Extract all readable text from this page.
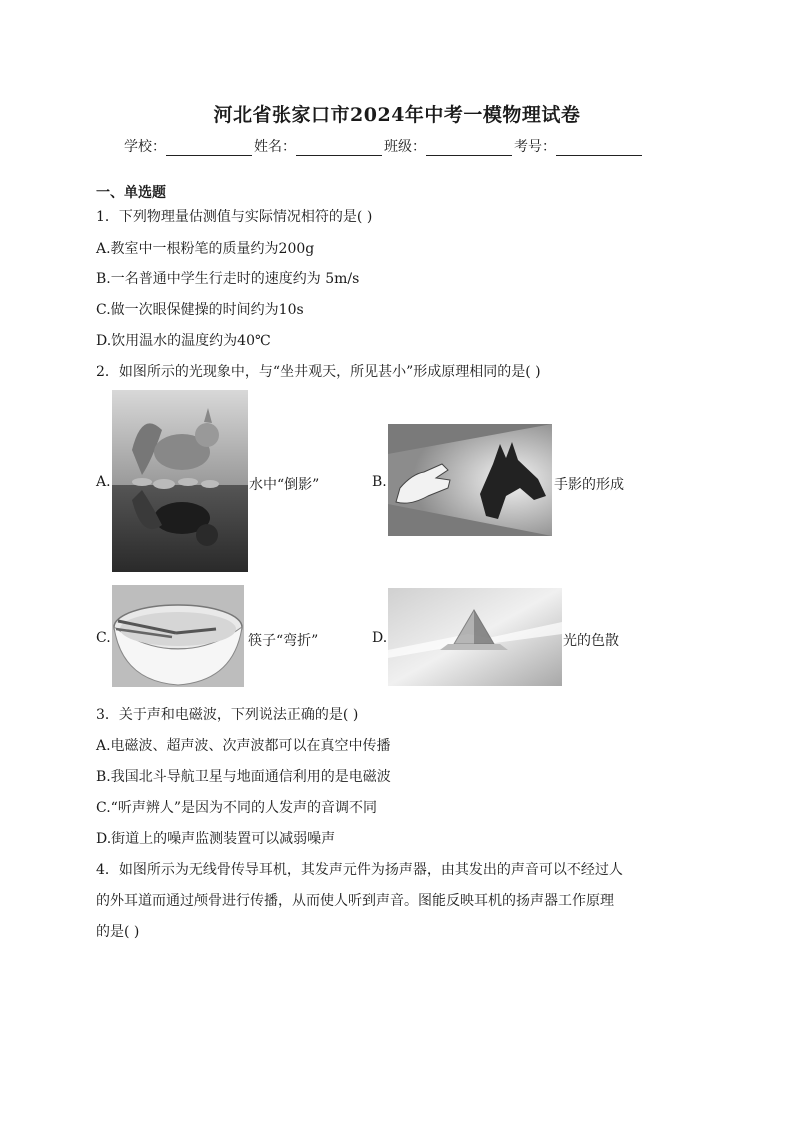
河北省张家口市2024年中考一模物理试卷
学校：	姓名：	班级：	考号：
一、单选题
1．下列物理量估测值与实际情况相符的是( )
A.教室中一根粉笔的质量约为200g
B.一名普通中学生行走时的速度约为 5m/s
C.做一次眼保健操的时间约为10s
D.饮用温水的温度约为40℃
2．如图所示的光现象中，与“坐井观天，所见甚小”形成原理相同的是( )
A.	水中“倒影”	B.	手影的形成
C.	筷子“弯折”	D.	光的色散
3．关于声和电磁波，下列说法正确的是( )
A.电磁波、超声波、次声波都可以在真空中传播
B.我国北斗导航卫星与地面通信利用的是电磁波
C.“听声辨人”是因为不同的人发声的音调不同
D.街道上的噪声监测装置可以减弱噪声
4．如图所示为无线骨传导耳机，其发声元件为扬声器，由其发出的声音可以不经过人
的外耳道而通过颅骨进行传播，从而使人听到声音。图能反映耳机的扬声器工作原理
的是( )
